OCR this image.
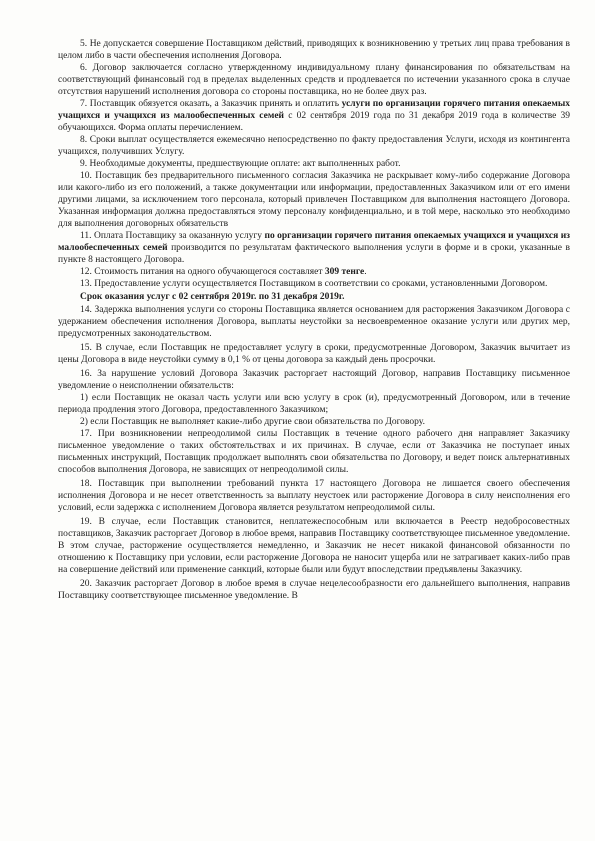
5. Не допускается совершение Поставщиком действий, приводящих к возникновению у третьих лиц права требования в целом либо в части обеспечения исполнения Договора.

6. Договор заключается согласно утвержденному индивидуальному плану финансирования по обязательствам на соответствующий финансовый год в пределах выделенных средств и продлевается по истечении указанного срока в случае отсутствия нарушений исполнения договора со стороны поставщика, но не более двух раз.

7. Поставщик обязуется оказать, а Заказчик принять и оплатить услуги по организации горячего питания опекаемых учащихся и учащихся из малообеспеченных семей с 02 сентября 2019 года по 31 декабря 2019 года в количестве 39 обучающихся. Форма оплаты перечислением.

8. Сроки выплат осуществляется ежемесячно непосредственно по факту предоставления Услуги, исходя из контингента учащихся, получивших Услугу.

9. Необходимые документы, предшествующие оплате: акт выполненных работ.

10. Поставщик без предварительного письменного согласия Заказчика не раскрывает кому-либо содержание Договора или какого-либо из его положений, а также документации или информации, предоставленных Заказчиком или от его имени другими лицами, за исключением того персонала, который привлечен Поставщиком для выполнения настоящего Договора. Указанная информация должна предоставляться этому персоналу конфиденциально, и в той мере, насколько это необходимо для выполнения договорных обязательств

11. Оплата Поставщику за оказанную услугу по организации горячего питания опекаемых учащихся и учащихся из малообеспеченных семей производится по результатам фактического выполнения услуги в форме и в сроки, указанные в пункте 8 настоящего Договора.

12. Стоимость питания на одного обучающегося составляет 309 тенге.

13. Предоставление услуги осуществляется Поставщиком в соответствии со сроками, установленными Договором.

Срок оказания услуг с 02 сентября 2019г. по 31 декабря 2019г.

14. Задержка выполнения услуги со стороны Поставщика является основанием для расторжения Заказчиком Договора с удержанием обеспечения исполнения Договора, выплаты неустойки за несвоевременное оказание услуги или других мер, предусмотренных законодательством.

15. В случае, если Поставщик не предоставляет услугу в сроки, предусмотренные Договором, Заказчик вычитает из цены Договора в виде неустойки сумму в 0,1 % от цены договора за каждый день просрочки.

16. За нарушение условий Договора Заказчик расторгает настоящий Договор, направив Поставщику письменное уведомление о неисполнении обязательств:

1) если Поставщик не оказал часть услуги или всю услугу в срок (и), предусмотренный Договором, или в течение периода продления этого Договора, предоставленного Заказчиком;

2) если Поставщик не выполняет какие-либо другие свои обязательства по Договору.

17. При возникновении непреодолимой силы Поставщик в течение одного рабочего дня направляет Заказчику письменное уведомление о таких обстоятельствах и их причинах. В случае, если от Заказчика не поступает иных письменных инструкций, Поставщик продолжает выполнять свои обязательства по Договору, и ведет поиск альтернативных способов выполнения Договора, не зависящих от непреодолимой силы.

18. Поставщик при выполнении требований пункта 17 настоящего Договора не лишается своего обеспечения исполнения Договора и не несет ответственность за выплату неустоек или расторжение Договора в силу неисполнения его условий, если задержка с исполнением Договора является результатом непреодолимой силы.

19. В случае, если Поставщик становится, неплатежеспособным или включается в Реестр недобросовестных поставщиков, Заказчик расторгает Договор в любое время, направив Поставщику соответствующее письменное уведомление. В этом случае, расторжение осуществляется немедленно, и Заказчик не несет никакой финансовой обязанности по отношению к Поставщику при условии, если расторжение Договора не наносит ущерба или не затрагивает каких-либо прав на совершение действий или применение санкций, которые были или будут впоследствии предъявлены Заказчику.

20. Заказчик расторгает Договор в любое время в случае нецелесообразности его дальнейшего выполнения, направив Поставщику соответствующее письменное уведомление. В
